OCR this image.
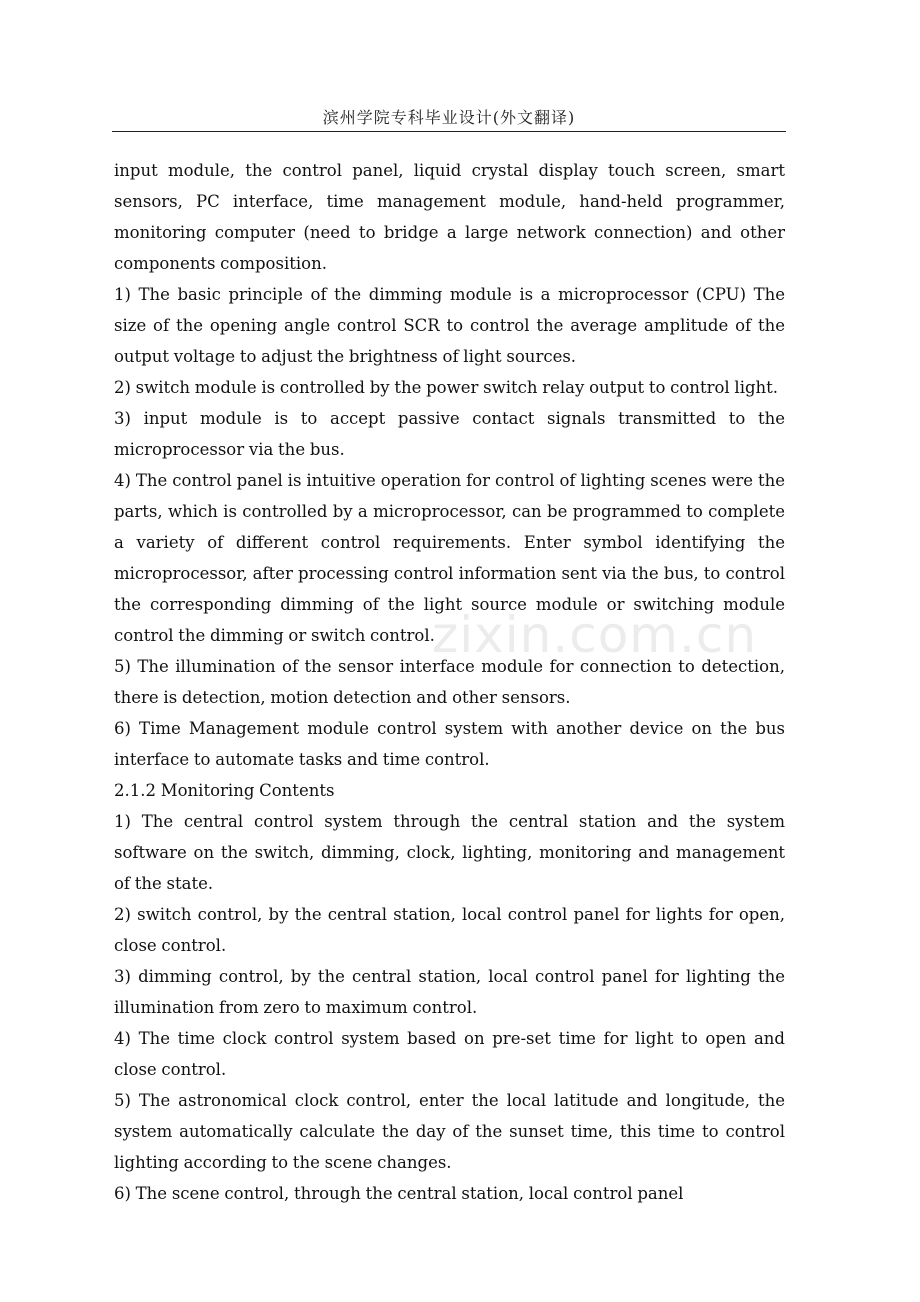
滨州学院专科毕业设计(外文翻译)

input module, the control panel, liquid crystal display touch screen, smart sensors, PC interface, time management module, hand-held programmer, monitoring computer (need to bridge a large network connection) and other components composition.

1) The basic principle of the dimming module is a microprocessor (CPU) The size of the opening angle control SCR to control the average amplitude of the output voltage to adjust the brightness of light sources.

2) switch module is controlled by the power switch relay output to control light.

3) input module is to accept passive contact signals transmitted to the microprocessor via the bus.

4) The control panel is intuitive operation for control of lighting scenes were the parts, which is controlled by a microprocessor, can be programmed to complete a variety of different control requirements. Enter symbol identifying the microprocessor, after processing control information sent via the bus, to control the corresponding dimming of the light source module or switching module control the dimming or switch control.

5) The illumination of the sensor interface module for connection to detection, there is detection, motion detection and other sensors.

6) Time Management module control system with another device on the bus interface to automate tasks and time control.

2.1.2 Monitoring Contents

1) The central control system through the central station and the system software on the switch, dimming, clock, lighting, monitoring and management of the state.

2) switch control, by the central station, local control panel for lights for open, close control.

3) dimming control, by the central station, local control panel for lighting the illumination from zero to maximum control.

4) The time clock control system based on pre-set time for light to open and close control.

5) The astronomical clock control, enter the local latitude and longitude, the system automatically calculate the day of the sunset time, this time to control lighting according to the scene changes.

6) The scene control, through the central station, local control panel

zixin.com.cn
